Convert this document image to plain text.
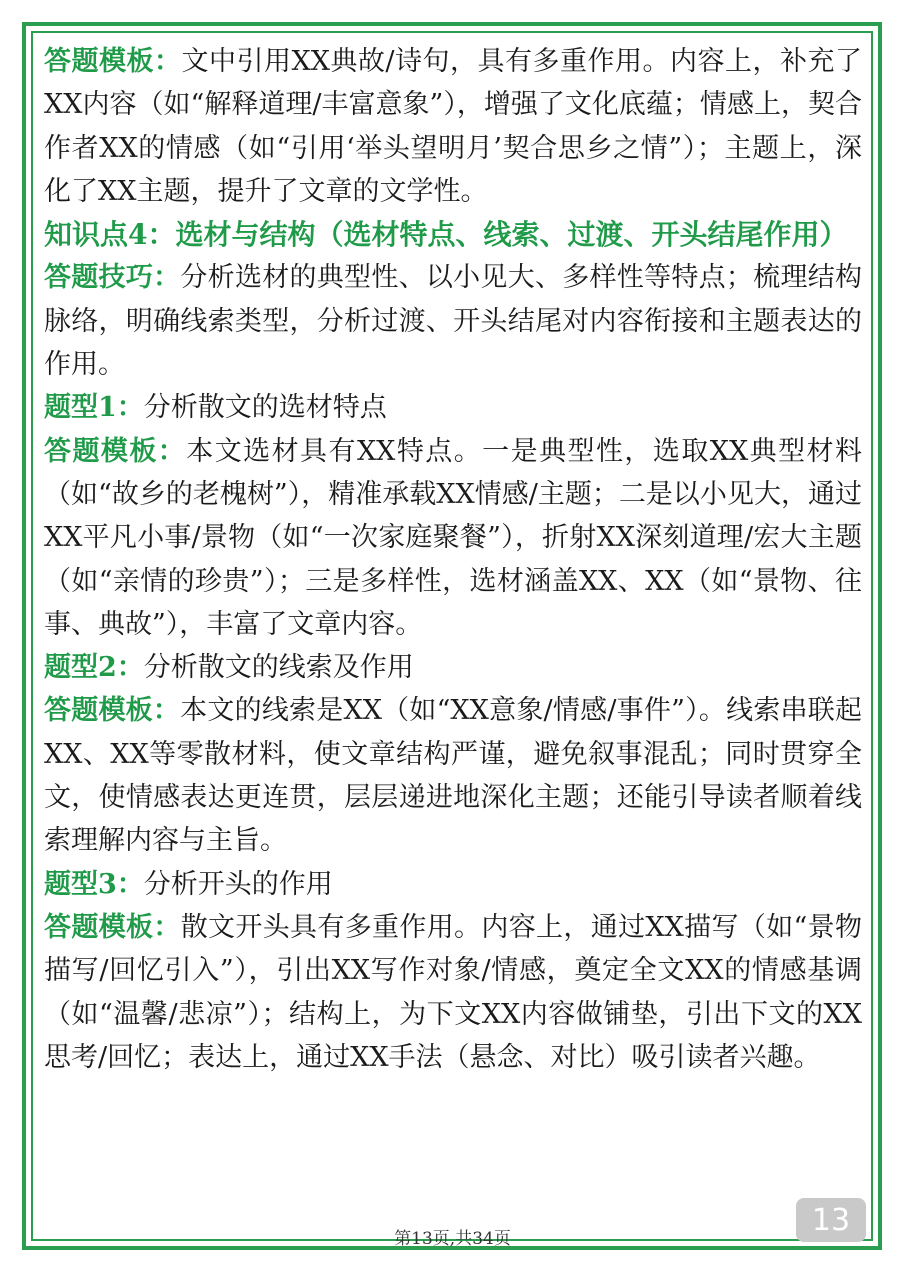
答题模板：文中引用XX典故/诗句，具有多重作用。内容上，补充了XX内容（如“解释道理/丰富意象”），增强了文化底蕴；情感上，契合作者XX的情感（如“引用‘举头望明月’契合思乡之情”）；主题上，深化了XX主题，提升了文章的文学性。

知识点4：选材与结构（选材特点、线索、过渡、开头结尾作用）

答题技巧：分析选材的典型性、以小见大、多样性等特点；梳理结构脉络，明确线索类型，分析过渡、开头结尾对内容衔接和主题表达的作用。

题型1：分析散文的选材特点

答题模板：本文选材具有XX特点。一是典型性，选取XX典型材料（如“故乡的老槐树”），精准承载XX情感/主题；二是以小见大，通过XX平凡小事/景物（如“一次家庭聚餐”），折射XX深刻道理/宏大主题（如“亲情的珍贵”）；三是多样性，选材涵盖XX、XX（如“景物、往事、典故”），丰富了文章内容。

题型2：分析散文的线索及作用

答题模板：本文的线索是XX（如“XX意象/情感/事件”）。线索串联起XX、XX等零散材料，使文章结构严谨，避免叙事混乱；同时贯穿全文，使情感表达更连贯，层层递进地深化主题；还能引导读者顺着线索理解内容与主旨。

题型3：分析开头的作用

答题模板：散文开头具有多重作用。内容上，通过XX描写（如“景物描写/回忆引入”），引出XX写作对象/情感，奠定全文XX的情感基调（如“温馨/悲凉”）；结构上，为下文XX内容做铺垫，引出下文的XX思考/回忆；表达上，通过XX手法（悬念、对比）吸引读者兴趣。

13
第13页,共34页
